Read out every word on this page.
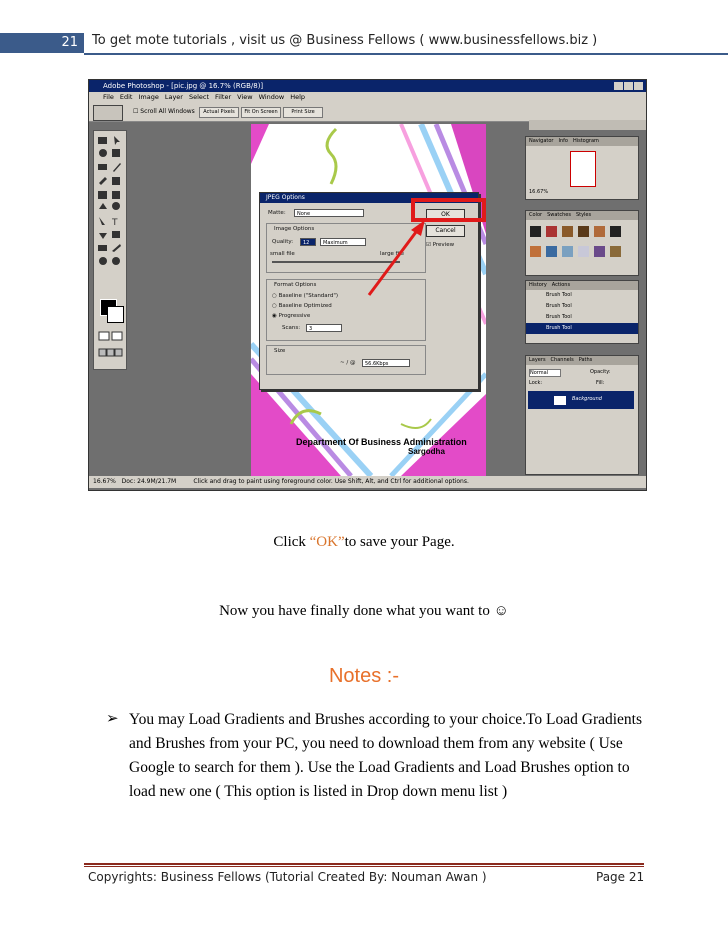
21	To get mote tutorials , visit us @ Business Fellows ( www.businessfellows.biz )
Adobe Photoshop - [pic.jpg @ 16.7% (RGB/8)]
File Edit Image Layer Select Filter View Window Help
☐ Scroll All Windows	Actual Pixels	Fit On Screen	Print Size
T
Department Of Business Administration
Sargodha
JPEG Options
Matte:	None
Image Options
Quality:	12	Maximum
small file	large file
Format Options
○ Baseline ("Standard")
○ Baseline Optimized
◉ Progressive
Scans:	3
Size
~ / @	56.6Kbps
OK
Cancel
☑ Preview
Navigator Info Histogram
16.67%
Color Swatches Styles
History Actions
Brush Tool
Brush Tool
Brush Tool
Brush Tool
Layers Channels Paths
Normal	Opacity:
Lock:	Fill:
Background
16.67% Doc: 24.9M/21.7M	Click and drag to paint using foreground color. Use Shift, Alt, and Ctrl for additional options.
Click “OK”to save your Page.
Now you have finally done what you want to ☺
Notes :-
➢ You may Load Gradients and Brushes according to your choice.To Load Gradients and Brushes from your PC, you need to download them from any website ( Use Google to search for them ). Use the Load Gradients and Load Brushes option to load new one ( This option is listed in Drop down menu list )
Copyrights: Business Fellows (Tutorial Created By: Nouman Awan )	Page 21
